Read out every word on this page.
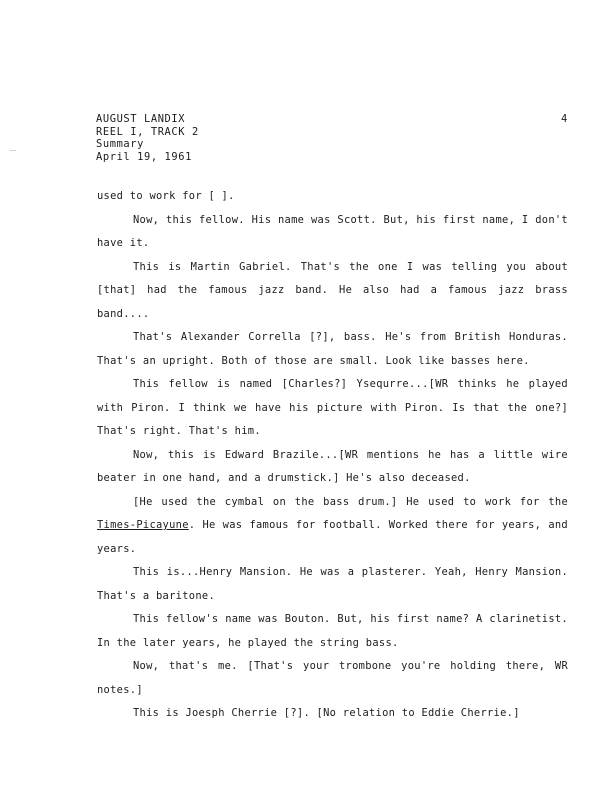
AUGUST LANDIX
REEL I, TRACK 2
Summary
April 19, 1961
4

used to work for [ ].

Now, this fellow. His name was Scott. But, his first name, I don't have it.

This is Martin Gabriel. That's the one I was telling you about [that] had the famous jazz band. He also had a famous jazz brass band....

That's Alexander Corrella [?], bass. He's from British Honduras. That's an upright. Both of those are small. Look like basses here.

This fellow is named [Charles?] Ysequrre...[WR thinks he played with Piron. I think we have his picture with Piron. Is that the one?] That's right. That's him.

Now, this is Edward Brazile...[WR mentions he has a little wire beater in one hand, and a drumstick.] He's also deceased.

[He used the cymbal on the bass drum.] He used to work for the Times-Picayune. He was famous for football. Worked there for years, and years.

This is...Henry Mansion. He was a plasterer. Yeah, Henry Mansion. That's a baritone.

This fellow's name was Bouton. But, his first name? A clarinetist. In the later years, he played the string bass.

Now, that's me. [That's your trombone you're holding there, WR notes.]

This is Joesph Cherrie [?]. [No relation to Eddie Cherrie.]
